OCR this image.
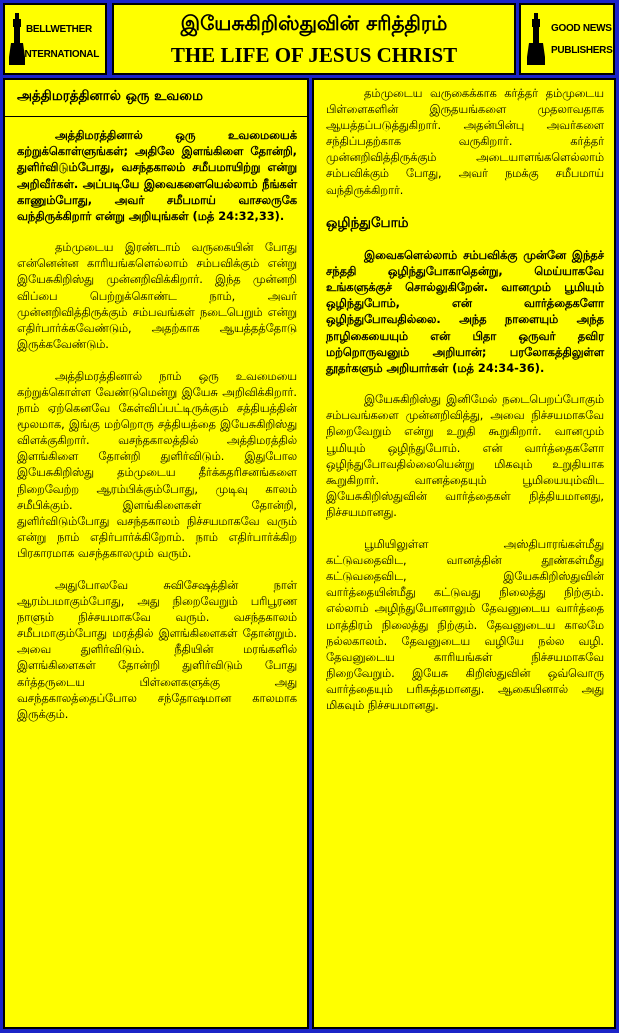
BELLWETHER
INTERNATIONAL
இயேசுகிறிஸ்துவின் சரித்திரம்
THE LIFE OF JESUS CHRIST
GOOD NEWS
PUBLISHERS
அத்திமரத்தினால் ஒரு உவமை

அத்திமரத்தினால் ஒரு உவமையைக் கற்றுக்கொள்ளுங்கள்; அதிலே இளங்கிளை தோன்றி, துளிர்விடும்போது, வசந்தகாலம் சமீபமாயிற்று என்று அறிவீர்கள். அப்படியே இவைகளையெல்லாம் நீங்கள் காணும்போது, அவர் சமீபமாய் வாசலருகே வந்திருக்கிறார் என்று அறியுங்கள் (மத் 24:32,33).

தம்முடைய இரண்டாம் வருகையின் போது என்னென்ன காரியங்களெல்லாம் சம்பவிக்கும் என்று இயேசுகிறிஸ்து முன்னறிவிக்கிறார். இந்த முன்னறி விப்பை பெற்றுக்கொண்ட நாம், அவர் முன்னறிவித்திருக்கும் சம்பவங்கள் நடைபெறும் என்று எதிர்பார்க்கவேண்டும், அதற்காக ஆயத்தத்தோடு இருக்கவேண்டும்.

அத்திமரத்தினால் நாம் ஒரு உவமையை கற்றுக்கொள்ள வேண்டுமென்று இயேசு அறிவிக்கிறார். நாம் ஏற்கெனவே கேள்விப்பட்டிருக்கும் சத்தியத்தின் மூலமாக, இங்கு மற்றொரு சத்தியத்தை இயேசுகிறிஸ்து விளக்குகிறார். வசந்தகாலத்தில் அத்திமரத்தில் இளங்கிளை தோன்றி துளிர்விடும். இதுபோல இயேசுகிறிஸ்து தம்முடைய தீர்க்கதரிசனங்களை நிறைவேற்ற ஆரம்பிக்கும்போது, முடிவு காலம் சமீபிக்கும். இளங்கிளைகள் தோன்றி, துளிர்விடும்போது வசந்தகாலம் நிச்சயமாகவே வரும் என்று நாம் எதிர்பார்க்கிறோம். நாம் எதிர்பார்க்கிற பிரகாரமாக வசந்தகாலமும் வரும்.

அதுபோலவே சுவிசேஷத்தின் நாள் ஆரம்பமாகும்போது, அது நிறைவேறும் பரிபூரண நாளும் நிச்சயமாகவே வரும். வசந்தகாலம் சமீபமாகும்போது மரத்தில் இளங்கிளைகள் தோன்றும். அவை துளிர்விடும். நீதியின் மரங்களில் இளங்கிளைகள் தோன்றி துளிர்விடும் போது கர்த்தருடைய பிள்ளைகளுக்கு அது வசந்தகாலத்தைப்போல சந்தோஷமான காலமாக இருக்கும்.

தம்முடைய வருகைக்காக கர்த்தர் தம்முடைய பிள்ளைகளின் இருதயங்களை முதலாவதாக ஆயத்தப்படுத்துகிறார். அதன்பின்பு அவர்களை சந்திப்பதற்காக வருகிறார். கர்த்தர் முன்னறிவித்திருக்கும் அடையாளங்களெல்லாம் சம்பவிக்கும் போது, அவர் நமக்கு சமீபமாய் வந்திருக்கிறார்.

ஒழிந்துபோம்

இவைகளெல்லாம் சம்பவிக்கு முன்னே இந்தச் சந்ததி ஒழிந்துபோகாதென்று, மெய்யாகவே உங்களுக்குச் சொல்லுகிறேன். வானமும் பூமியும் ஒழிந்துபோம், என் வார்த்தைகளோ ஒழிந்துபோவதில்லை. அந்த நாளையும் அந்த நாழிகையையும் என் பிதா ஒருவர் தவிர மற்றொருவனும் அறியான்; பரலோகத்திலுள்ள தூதர்களும் அறியார்கள் (மத் 24:34-36).

இயேசுகிறிஸ்து இனிமேல் நடைபெறப்போகும் சம்பவங்களை முன்னறிவித்து, அவை நிச்சயமாகவே நிறைவேறும் என்று உறுதி கூறுகிறார். வானமும் பூமியும் ஒழிந்துபோம். என் வார்த்தைகளோ ஒழிந்துபோவதில்லையென்று மிகவும் உறுதியாக கூறுகிறார். வானத்தையும் பூமியையும்விட இயேசுகிறிஸ்துவின் வார்த்தைகள் நித்தியமானது, நிச்சயமானது.

பூமியிலுள்ள அஸ்திபாரங்கள்மீது கட்டுவதைவிட, வானத்தின் தூண்கள்மீது கட்டுவதைவிட, இயேசுகிறிஸ்துவின் வார்த்தையின்மீது கட்டுவது நிலைத்து நிற்கும். எல்லாம் அழிந்துபோனாலும் தேவனுடைய வார்த்தை மாத்திரம் நிலைத்து நிற்கும். தேவனுடைய காலமே நல்லகாலம். தேவனுடைய வழியே நல்ல வழி. தேவனுடைய காரியங்கள் நிச்சயமாகவே நிறைவேறும். இயேசு கிறிஸ்துவின் ஒவ்வொரு வார்த்தையும் பரிசுத்தமானது. ஆகையினால் அது மிகவும் நிச்சயமானது.
